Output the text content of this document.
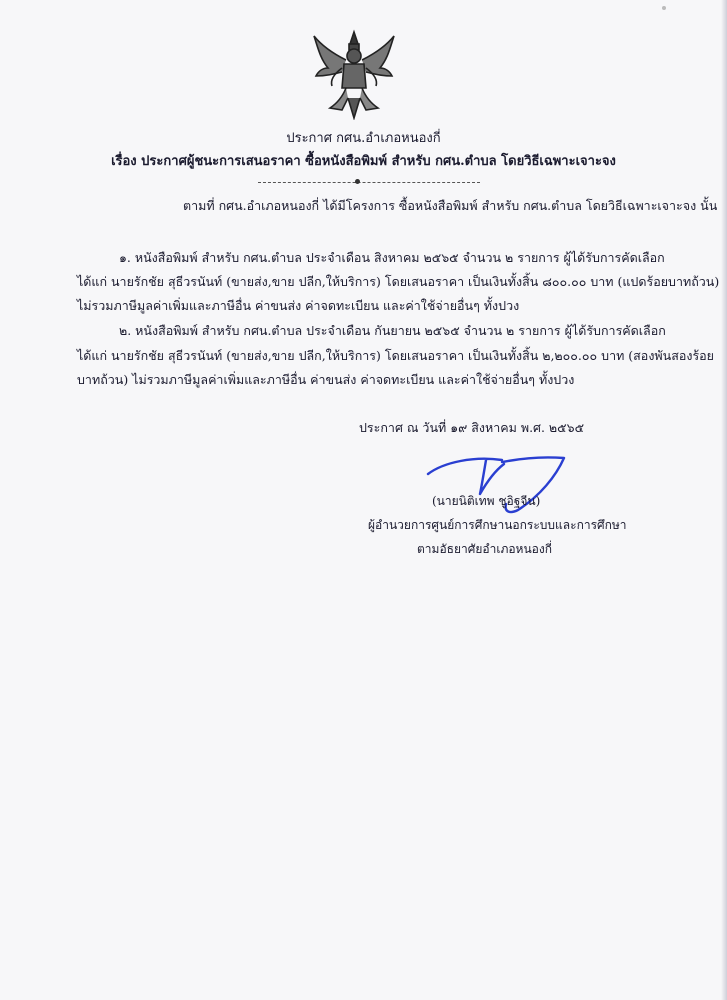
ประกาศ กศน.อำเภอหนองกี่
เรื่อง ประกาศผู้ชนะการเสนอราคา ซื้อหนังสือพิมพ์ สำหรับ กศน.ตำบล โดยวิธีเฉพาะเจาะจง
ตามที่ กศน.อำเภอหนองกี่ ได้มีโครงการ ซื้อหนังสือพิมพ์ สำหรับ กศน.ตำบล โดยวิธีเฉพาะเจาะจง นั้น
๑. หนังสือพิมพ์ สำหรับ กศน.ตำบล ประจำเดือน สิงหาคม ๒๕๖๕ จำนวน ๒ รายการ ผู้ได้รับการคัดเลือก
ได้แก่ นายรักชัย สุธีวรนันท์ (ขายส่ง,ขาย ปลีก,ให้บริการ) โดยเสนอราคา เป็นเงินทั้งสิ้น ๘๐๐.๐๐ บาท (แปดร้อยบาทถ้วน)
ไม่รวมภาษีมูลค่าเพิ่มและภาษีอื่น ค่าขนส่ง ค่าจดทะเบียน และค่าใช้จ่ายอื่นๆ ทั้งปวง
๒. หนังสือพิมพ์ สำหรับ กศน.ตำบล ประจำเดือน กันยายน ๒๕๖๕ จำนวน ๒ รายการ ผู้ได้รับการคัดเลือก
ได้แก่ นายรักชัย สุธีวรนันท์ (ขายส่ง,ขาย ปลีก,ให้บริการ) โดยเสนอราคา เป็นเงินทั้งสิ้น ๒,๒๐๐.๐๐ บาท (สองพันสองร้อย
บาทถ้วน) ไม่รวมภาษีมูลค่าเพิ่มและภาษีอื่น ค่าขนส่ง ค่าจดทะเบียน และค่าใช้จ่ายอื่นๆ ทั้งปวง
ประกาศ ณ วันที่ ๑๙ สิงหาคม พ.ศ. ๒๕๖๕
(นายนิติเทพ ชูอิฐจีน)
ผู้อำนวยการศูนย์การศึกษานอกระบบและการศึกษา
ตามอัธยาศัยอำเภอหนองกี่
